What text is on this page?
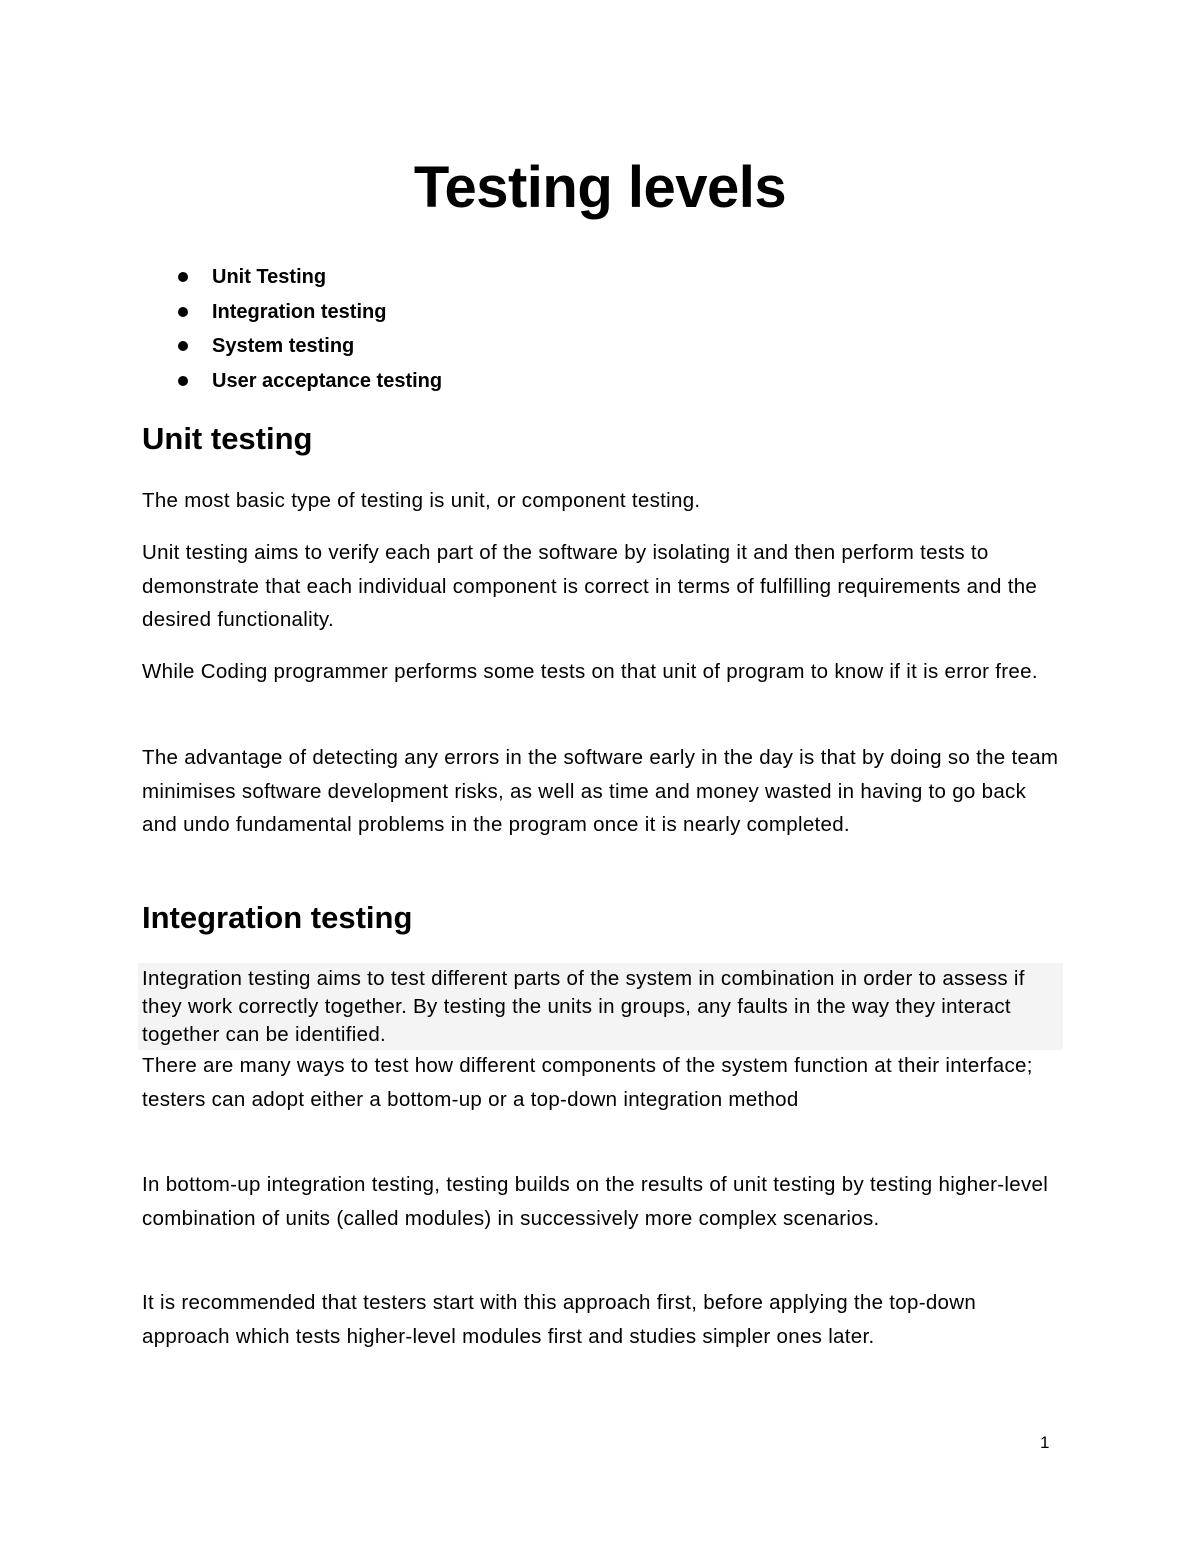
Testing levels
Unit Testing
Integration testing
System testing
User acceptance testing
Unit testing

The most basic type of testing is unit, or component testing.

Unit testing aims to verify each part of the software by isolating it and then perform tests to demonstrate that each individual component is correct in terms of fulfilling requirements and the desired functionality.

While Coding programmer performs some tests on that unit of program to know if it is error free.

The advantage of detecting any errors in the software early in the day is that by doing so the team minimises software development risks, as well as time and money wasted in having to go back and undo fundamental problems in the program once it is nearly completed.

Integration testing

Integration testing aims to test different parts of the system in combination in order to assess if they work correctly together. By testing the units in groups, any faults in the way they interact together can be identified.

There are many ways to test how different components of the system function at their interface; testers can adopt either a bottom-up or a top-down integration method

In bottom-up integration testing, testing builds on the results of unit testing by testing higher-level combination of units (called modules) in successively more complex scenarios.

It is recommended that testers start with this approach first, before applying the top-down approach which tests higher-level modules first and studies simpler ones later.

1
